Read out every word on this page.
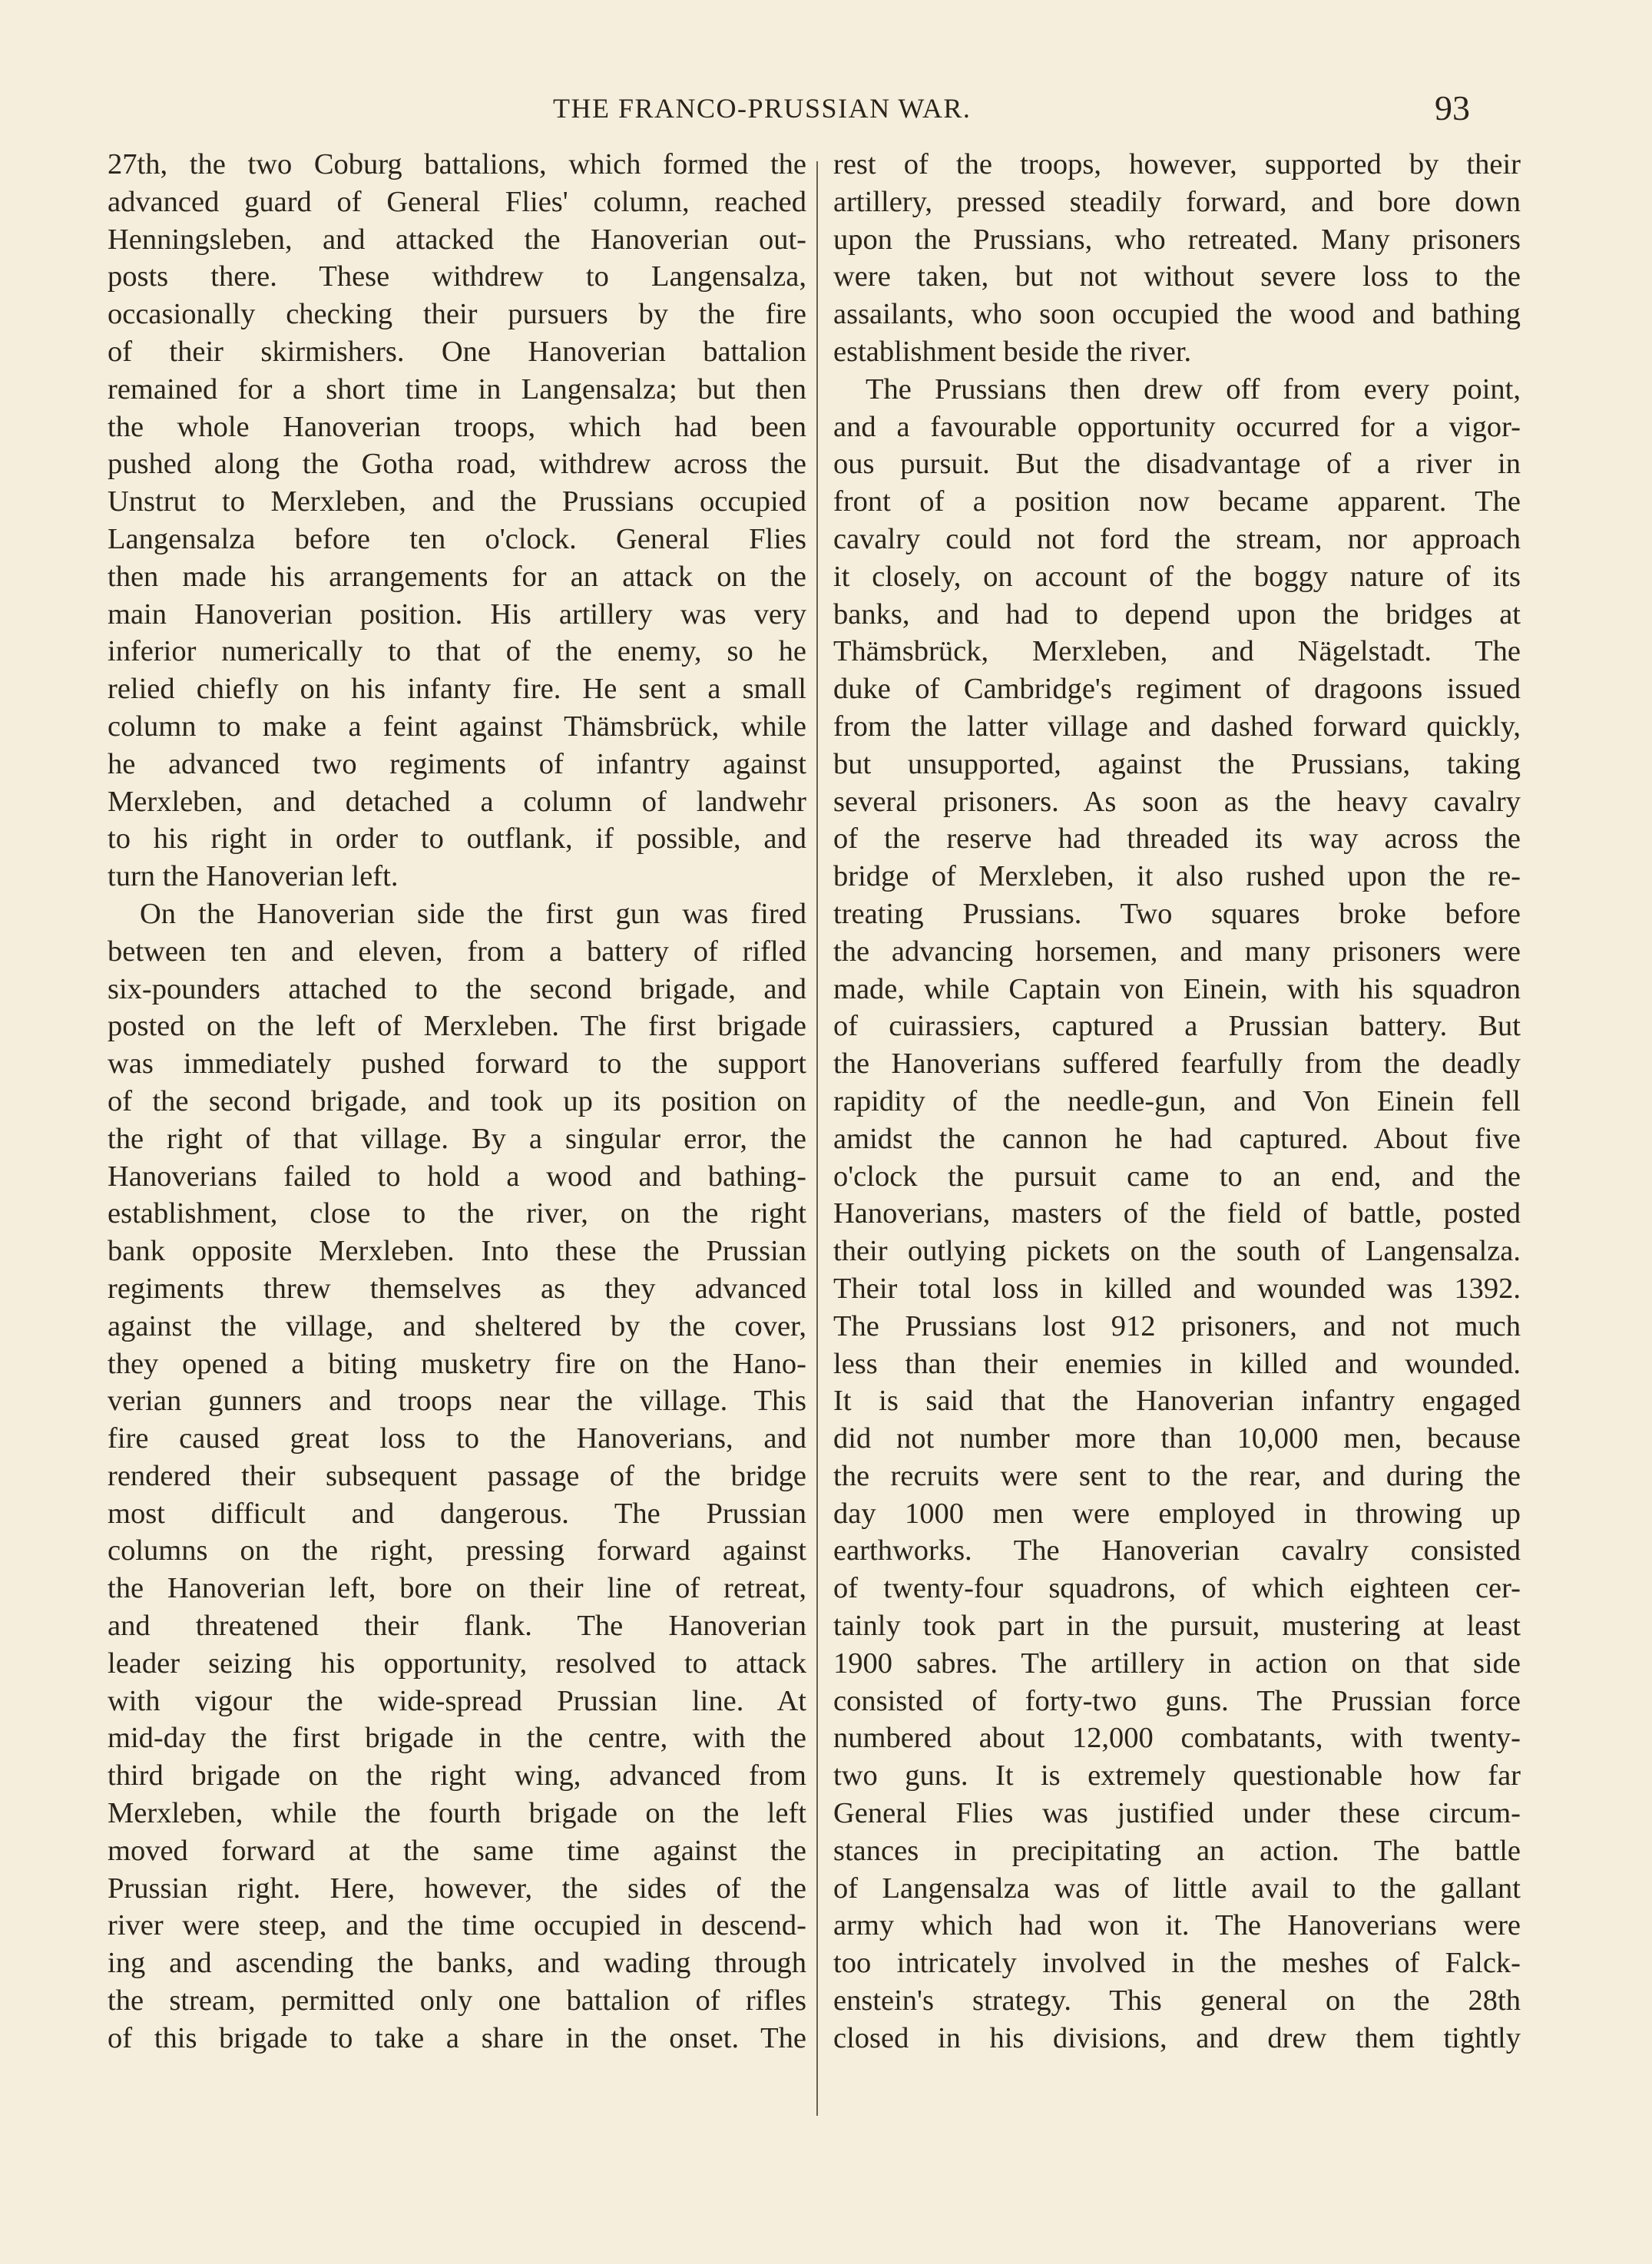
THE FRANCO-PRUSSIAN WAR.	93
27th, the two Coburg battalions, which formed the
advanced guard of General Flies' column, reached
Henningsleben, and attacked the Hanoverian out-
posts there. These withdrew to Langensalza,
occasionally checking their pursuers by the fire
of their skirmishers. One Hanoverian battalion
remained for a short time in Langensalza; but then
the whole Hanoverian troops, which had been
pushed along the Gotha road, withdrew across the
Unstrut to Merxleben, and the Prussians occupied
Langensalza before ten o'clock. General Flies
then made his arrangements for an attack on the
main Hanoverian position. His artillery was very
inferior numerically to that of the enemy, so he
relied chiefly on his infanty fire. He sent a small
column to make a feint against Thämsbrück, while
he advanced two regiments of infantry against
Merxleben, and detached a column of landwehr
to his right in order to outflank, if possible, and
turn the Hanoverian left.
On the Hanoverian side the first gun was fired
between ten and eleven, from a battery of rifled
six-pounders attached to the second brigade, and
posted on the left of Merxleben. The first brigade
was immediately pushed forward to the support
of the second brigade, and took up its position on
the right of that village. By a singular error, the
Hanoverians failed to hold a wood and bathing-
establishment, close to the river, on the right
bank opposite Merxleben. Into these the Prussian
regiments threw themselves as they advanced
against the village, and sheltered by the cover,
they opened a biting musketry fire on the Hano-
verian gunners and troops near the village. This
fire caused great loss to the Hanoverians, and
rendered their subsequent passage of the bridge
most difficult and dangerous. The Prussian
columns on the right, pressing forward against
the Hanoverian left, bore on their line of retreat,
and threatened their flank. The Hanoverian
leader seizing his opportunity, resolved to attack
with vigour the wide-spread Prussian line. At
mid-day the first brigade in the centre, with the
third brigade on the right wing, advanced from
Merxleben, while the fourth brigade on the left
moved forward at the same time against the
Prussian right. Here, however, the sides of the
river were steep, and the time occupied in descend-
ing and ascending the banks, and wading through
the stream, permitted only one battalion of rifles
of this brigade to take a share in the onset. The
rest of the troops, however, supported by their
artillery, pressed steadily forward, and bore down
upon the Prussians, who retreated. Many prisoners
were taken, but not without severe loss to the
assailants, who soon occupied the wood and bathing
establishment beside the river.
The Prussians then drew off from every point,
and a favourable opportunity occurred for a vigor-
ous pursuit. But the disadvantage of a river in
front of a position now became apparent. The
cavalry could not ford the stream, nor approach
it closely, on account of the boggy nature of its
banks, and had to depend upon the bridges at
Thämsbrück, Merxleben, and Nägelstadt. The
duke of Cambridge's regiment of dragoons issued
from the latter village and dashed forward quickly,
but unsupported, against the Prussians, taking
several prisoners. As soon as the heavy cavalry
of the reserve had threaded its way across the
bridge of Merxleben, it also rushed upon the re-
treating Prussians. Two squares broke before
the advancing horsemen, and many prisoners were
made, while Captain von Einein, with his squadron
of cuirassiers, captured a Prussian battery. But
the Hanoverians suffered fearfully from the deadly
rapidity of the needle-gun, and Von Einein fell
amidst the cannon he had captured. About five
o'clock the pursuit came to an end, and the
Hanoverians, masters of the field of battle, posted
their outlying pickets on the south of Langensalza.
Their total loss in killed and wounded was 1392.
The Prussians lost 912 prisoners, and not much
less than their enemies in killed and wounded.
It is said that the Hanoverian infantry engaged
did not number more than 10,000 men, because
the recruits were sent to the rear, and during the
day 1000 men were employed in throwing up
earthworks. The Hanoverian cavalry consisted
of twenty-four squadrons, of which eighteen cer-
tainly took part in the pursuit, mustering at least
1900 sabres. The artillery in action on that side
consisted of forty-two guns. The Prussian force
numbered about 12,000 combatants, with twenty-
two guns. It is extremely questionable how far
General Flies was justified under these circum-
stances in precipitating an action. The battle
of Langensalza was of little avail to the gallant
army which had won it. The Hanoverians were
too intricately involved in the meshes of Falck-
enstein's strategy. This general on the 28th
closed in his divisions, and drew them tightly
